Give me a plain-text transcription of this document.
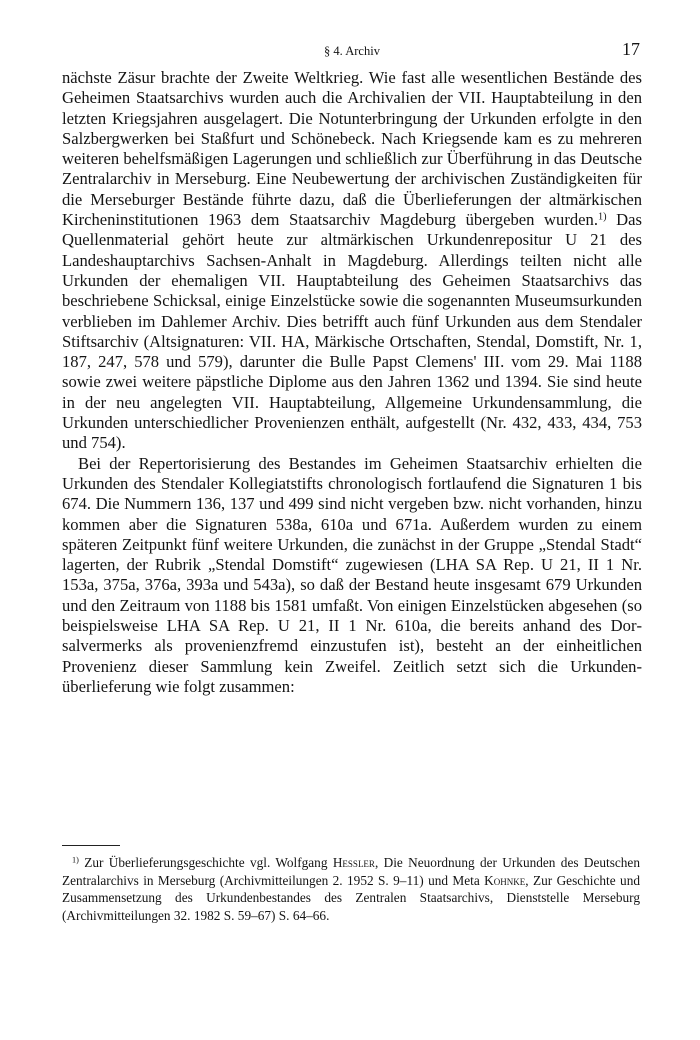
§ 4. Archiv	17

nächste Zäsur brachte der Zweite Weltkrieg. Wie fast alle wesentlichen Bestände des Geheimen Staatsarchivs wurden auch die Archivalien der VII. Hauptabteilung in den letzten Kriegsjahren ausgelagert. Die Notunterbringung der Urkunden erfolgte in den Salzbergwerken bei Staßfurt und Schönebeck. Nach Kriegsende kam es zu mehreren weiteren behelfsmäßigen Lagerungen und schließlich zur Überführung in das Deutsche Zentralarchiv in Merseburg. Eine Neubewertung der archivischen Zuständigkeiten für die Merseburger Bestände führte dazu, daß die Überlieferungen der altmärkischen Kircheninstitutionen 1963 dem Staatsarchiv Magdeburg übergeben wurden.$^{1)}$ Das Quellenmaterial gehört heute zur altmärkischen Urkundenrepositur U 21 des Landeshauptarchivs Sachsen-Anhalt in Magdeburg. Allerdings teilten nicht alle Urkunden der ehemaligen VII. Hauptabteilung des Geheimen Staatsarchivs das beschriebene Schicksal, einige Einzelstücke sowie die sogenannten Museumsurkunden verblieben im Dahlemer Archiv. Dies betrifft auch fünf Urkunden aus dem Stendaler Stiftsarchiv (Altsignaturen: VII. HA, Märkische Ortschaften, Stendal, Domstift, Nr. 1, 187, 247, 578 und 579), darunter die Bulle Papst Clemens' III. vom 29. Mai 1188 sowie zwei weitere päpstliche Diplome aus den Jahren 1362 und 1394. Sie sind heute in der neu angelegten VII. Hauptabteilung, Allgemeine Urkundensammlung, die Urkunden unterschiedlicher Provenienzen enthält, aufgestellt (Nr. 432, 433, 434, 753 und 754).

Bei der Repertorisierung des Bestandes im Geheimen Staatsarchiv erhielten die Urkunden des Stendaler Kollegiatstifts chronologisch fortlaufend die Signaturen 1 bis 674. Die Nummern 136, 137 und 499 sind nicht vergeben bzw. nicht vorhanden, hinzu kommen aber die Signaturen 538a, 610a und 671a. Außerdem wurden zu einem späteren Zeitpunkt fünf weitere Urkunden, die zunächst in der Gruppe „Stendal Stadt“ lagerten, der Rubrik „Stendal Domstift“ zugewiesen (LHA SA Rep. U 21, II 1 Nr. 153a, 375a, 376a, 393a und 543a), so daß der Bestand heute insgesamt 679 Urkunden und den Zeitraum von 1188 bis 1581 umfaßt. Von einigen Einzelstücken abgesehen (so beispielsweise LHA SA Rep. U 21, II 1 Nr. 610a, die bereits anhand des Dorsalvermerks als provenienzfremd einzustufen ist), besteht an der einheitlichen Provenienz dieser Sammlung kein Zweifel. Zeitlich setzt sich die Urkundenüberlieferung wie folgt zusammen:

$^{1)}$ Zur Überlieferungsgeschichte vgl. Wolfgang Hessler, Die Neuordnung der Urkunden des Deutschen Zentralarchivs in Merseburg (Archivmitteilungen 2. 1952 S. 9–11) und Meta Kohnke, Zur Geschichte und Zusammensetzung des Urkundenbestandes des Zentralen Staatsarchivs, Dienststelle Merseburg (Archivmitteilungen 32. 1982 S. 59–67) S. 64–66.
